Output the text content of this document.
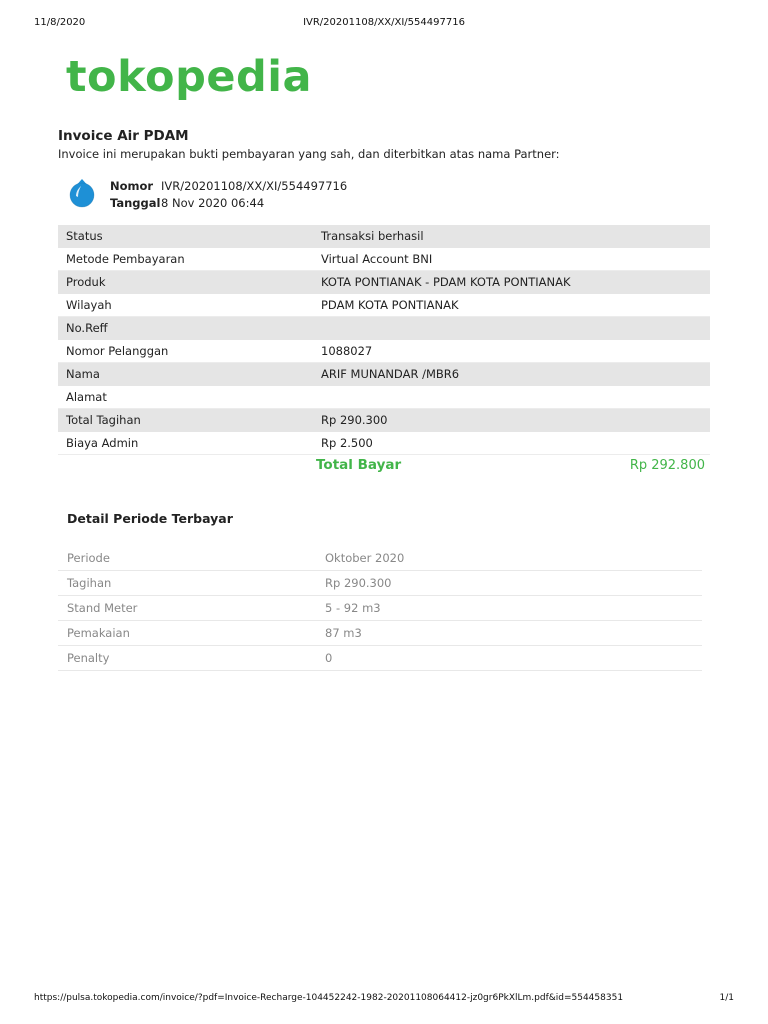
11/8/2020	IVR/20201108/XX/XI/554497716
tokopedia
Invoice Air PDAM
Invoice ini merupakan bukti pembayaran yang sah, dan diterbitkan atas nama Partner:
Nomor IVR/20201108/XX/XI/554497716
Tanggal8 Nov 2020 06:44
Status	Transaksi berhasil
Metode Pembayaran	Virtual Account BNI
Produk	KOTA PONTIANAK - PDAM KOTA PONTIANAK
Wilayah	PDAM KOTA PONTIANAK
No.Reff	
Nomor Pelanggan	1088027
Nama	ARIF MUNANDAR /MBR6
Alamat	
Total Tagihan	Rp 290.300
Biaya Admin	Rp 2.500
Total Bayar	Rp 292.800
Detail Periode Terbayar
Periode	Oktober 2020
Tagihan	Rp 290.300
Stand Meter	5 - 92 m3
Pemakaian	87 m3
Penalty	0
https://pulsa.tokopedia.com/invoice/?pdf=Invoice-Recharge-104452242-1982-20201108064412-jz0gr6PkXlLm.pdf&id=554458351	1/1
